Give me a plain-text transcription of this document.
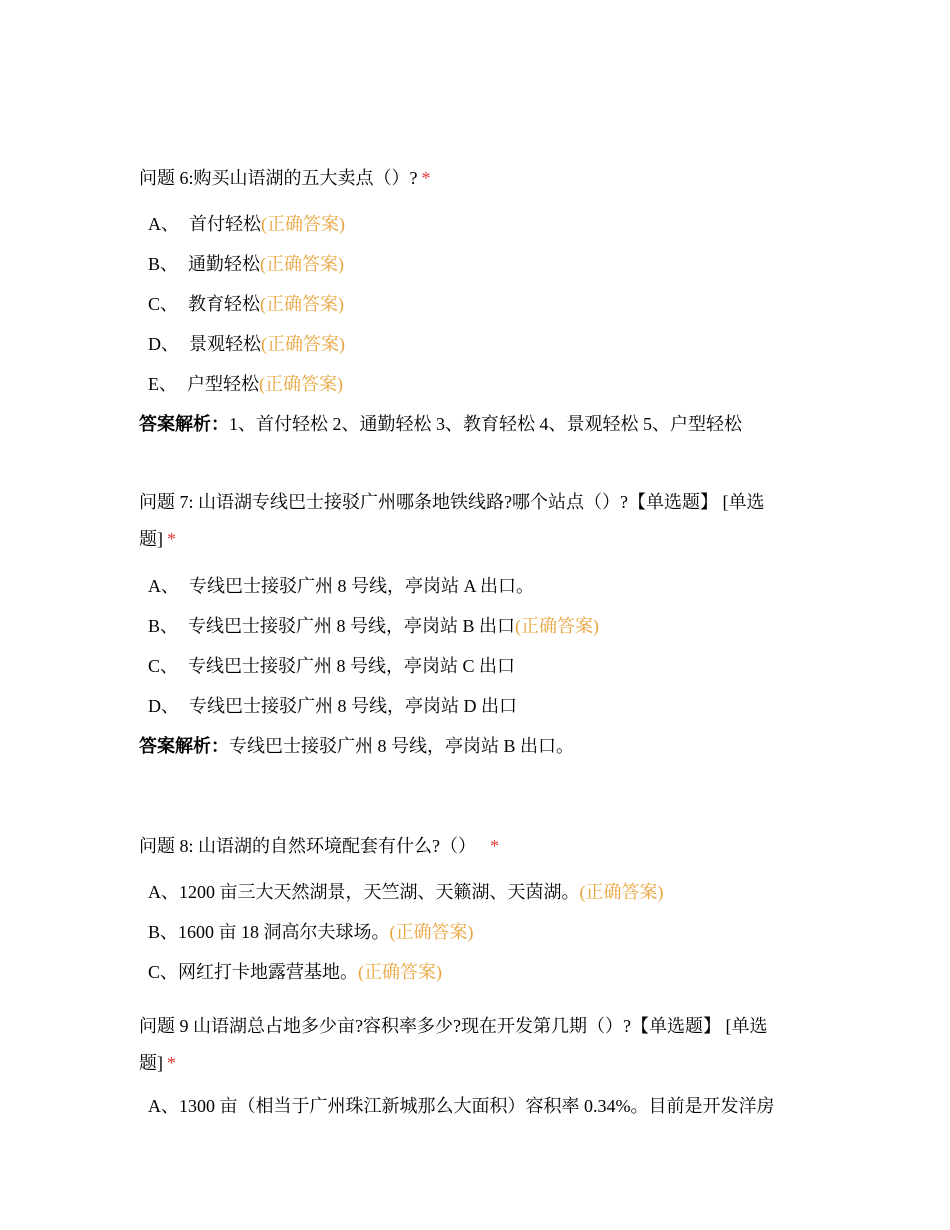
问题 6:购买山语湖的五大卖点（）? *
A、 首付轻松(正确答案)
B、 通勤轻松(正确答案)
C、 教育轻松(正确答案)
D、 景观轻松(正确答案)
E、 户型轻松(正确答案)
答案解析：1、首付轻松 2、通勤轻松 3、教育轻松 4、景观轻松 5、户型轻松
问题 7: 山语湖专线巴士接驳广州哪条地铁线路?哪个站点（）?【单选题】 [单选题] *
A、 专线巴士接驳广州 8 号线，亭岗站 A 出口。
B、 专线巴士接驳广州 8 号线，亭岗站 B 出口(正确答案)
C、 专线巴士接驳广州 8 号线，亭岗站 C 出口
D、 专线巴士接驳广州 8 号线，亭岗站 D 出口
答案解析：专线巴士接驳广州 8 号线，亭岗站 B 出口。
问题 8: 山语湖的自然环境配套有什么?（） *
A、1200 亩三大天然湖景，天竺湖、天籁湖、天茵湖。(正确答案)
B、1600 亩 18 洞高尔夫球场。(正确答案)
C、网红打卡地露营基地。(正确答案)
问题 9 山语湖总占地多少亩?容积率多少?现在开发第几期（）?【单选题】 [单选题] *
A、1300 亩（相当于广州珠江新城那么大面积）容积率 0.34%。目前是开发洋房
